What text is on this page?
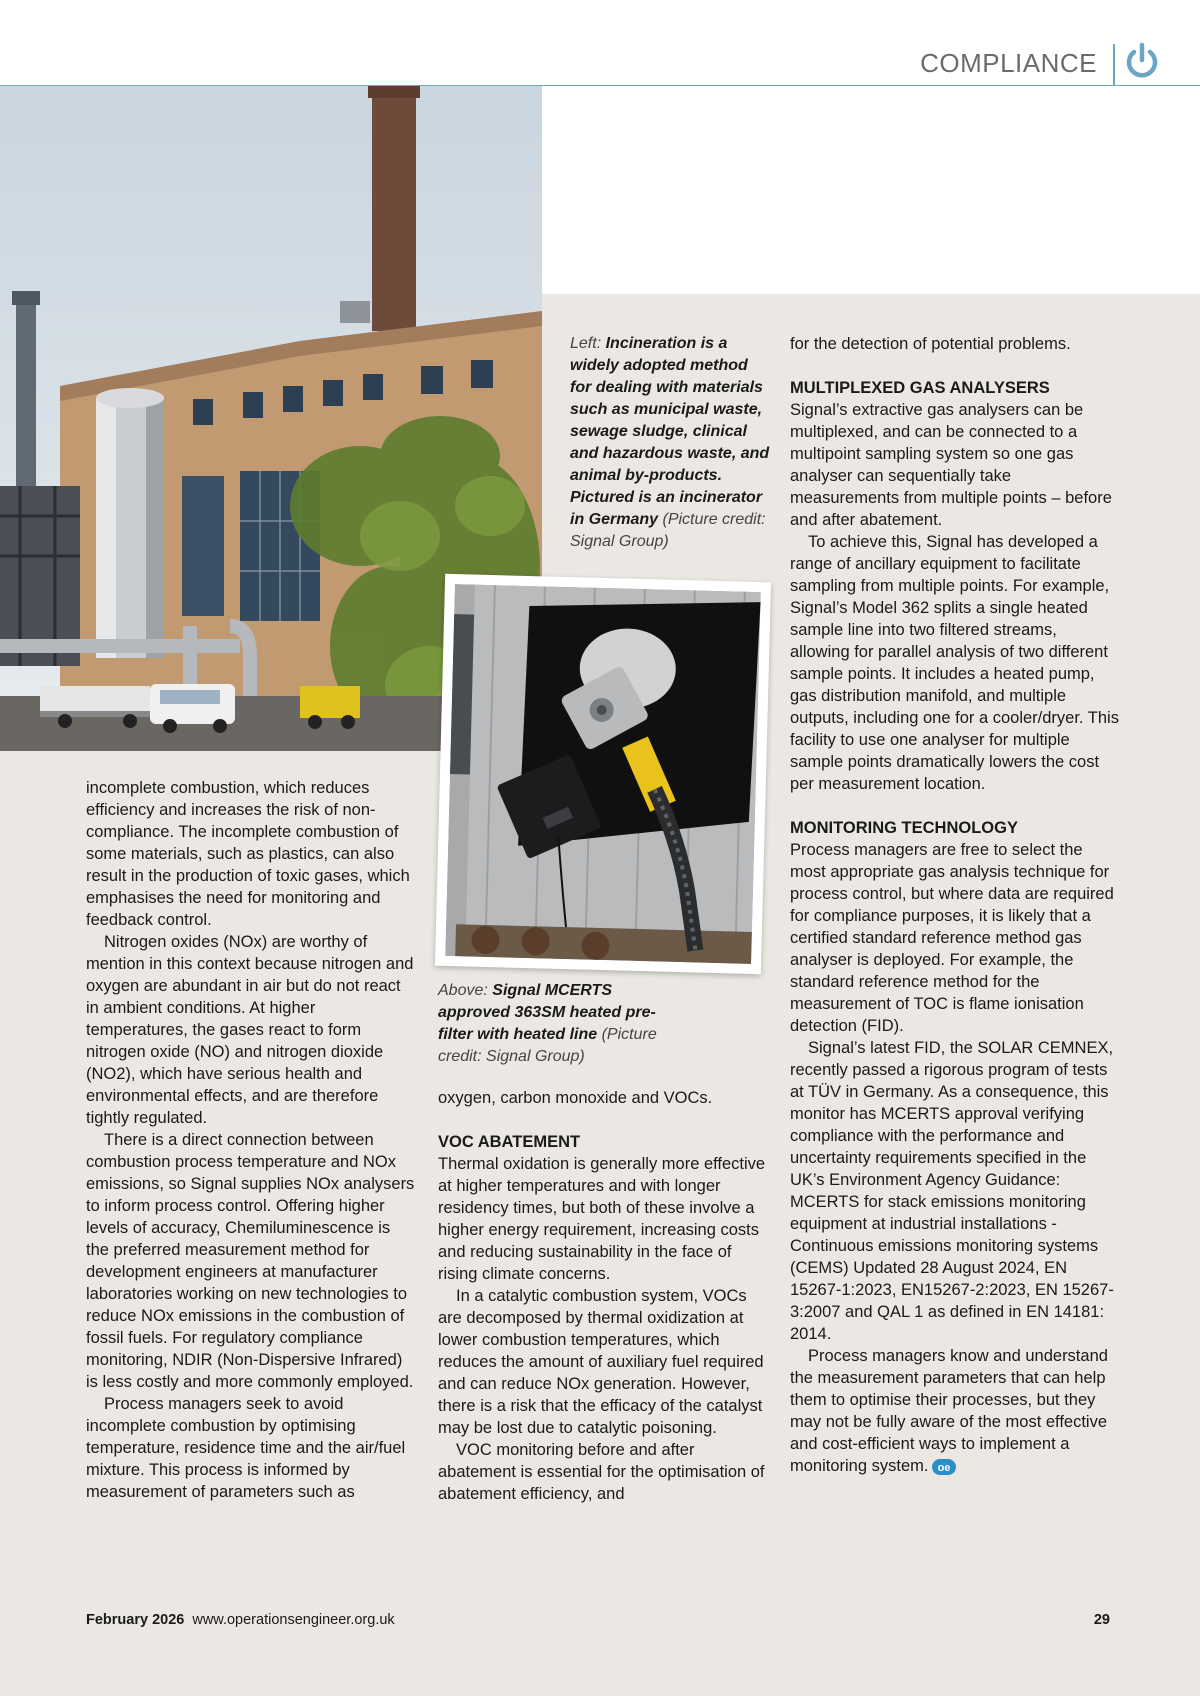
COMPLIANCE
Left: Incineration is a widely adopted method for dealing with materials such as municipal waste, sewage sludge, clinical and hazardous waste, and animal by-products. Pictured is an incinerator in Germany (Picture credit: Signal Group)
Above: Signal MCERTS approved 363SM heated pre-filter with heated line (Picture credit: Signal Group)

incomplete combustion, which reduces efficiency and increases the risk of non-compliance. The incomplete combustion of some materials, such as plastics, can also result in the production of toxic gases, which emphasises the need for monitoring and feedback control.

Nitrogen oxides (NOx) are worthy of mention in this context because nitrogen and oxygen are abundant in air but do not react in ambient conditions. At higher temperatures, the gases react to form nitrogen oxide (NO) and nitrogen dioxide (NO2), which have serious health and environmental effects, and are therefore tightly regulated.

There is a direct connection between combustion process temperature and NOx emissions, so Signal supplies NOx analysers to inform process control. Offering higher levels of accuracy, Chemiluminescence is the preferred measurement method for development engineers at manufacturer laboratories working on new technologies to reduce NOx emissions in the combustion of fossil fuels. For regulatory compliance monitoring, NDIR (Non-Dispersive Infrared) is less costly and more commonly employed.

Process managers seek to avoid incomplete combustion by optimising temperature, residence time and the air/fuel mixture. This process is informed by measurement of parameters such as

oxygen, carbon monoxide and VOCs.

VOC ABATEMENT

Thermal oxidation is generally more effective at higher temperatures and with longer residency times, but both of these involve a higher energy requirement, increasing costs and reducing sustainability in the face of rising climate concerns.

In a catalytic combustion system, VOCs are decomposed by thermal oxidization at lower combustion temperatures, which reduces the amount of auxiliary fuel required and can reduce NOx generation. However, there is a risk that the efficacy of the catalyst may be lost due to catalytic poisoning.

VOC monitoring before and after abatement is essential for the optimisation of abatement efficiency, and

for the detection of potential problems.

MULTIPLEXED GAS ANALYSERS

Signal’s extractive gas analysers can be multiplexed, and can be connected to a multipoint sampling system so one gas analyser can sequentially take measurements from multiple points – before and after abatement.

To achieve this, Signal has developed a range of ancillary equipment to facilitate sampling from multiple points. For example, Signal’s Model 362 splits a single heated sample line into two filtered streams, allowing for parallel analysis of two different sample points. It includes a heated pump, gas distribution manifold, and multiple outputs, including one for a cooler/dryer. This facility to use one analyser for multiple sample points dramatically lowers the cost per measurement location.

MONITORING TECHNOLOGY

Process managers are free to select the most appropriate gas analysis technique for process control, but where data are required for compliance purposes, it is likely that a certified standard reference method gas analyser is deployed. For example, the standard reference method for the measurement of TOC is flame ionisation detection (FID).

Signal’s latest FID, the SOLAR CEMNEX, recently passed a rigorous program of tests at TÜV in Germany. As a consequence, this monitor has MCERTS approval verifying compliance with the performance and uncertainty requirements specified in the UK’s Environment Agency Guidance: MCERTS for stack emissions monitoring equipment at industrial installations - Continuous emissions monitoring systems (CEMS) Updated 28 August 2024, EN 15267-1:2023, EN15267-2:2023, EN 15267-3:2007 and QAL 1 as defined in EN 14181: 2014.

Process managers know and understand the measurement parameters that can help them to optimise their processes, but they may not be fully aware of the most effective and cost-efficient ways to implement a monitoring system. oe

February 2026 www.operationsengineer.org.uk	29
